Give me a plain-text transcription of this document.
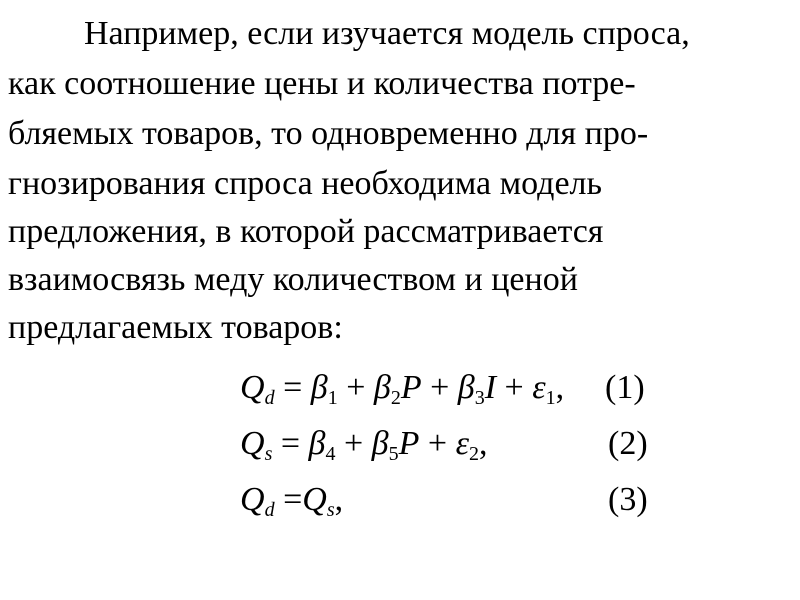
Например, если изучается модель спроса,
как соотношение цены и количества потре-
бляемых товаров, то одновременно для про-
гнозирования спроса необходима модель
предложения, в которой рассматривается
взаимосвязь меду количеством и ценой
предлагаемых товаров:
$Q_d = \beta_1 + \beta_2P + \beta_3I + \varepsilon_1$, (1)
$Q_s = \beta_4 + \beta_5P + \varepsilon_2$,	(2)
$Q_d =Q_s$,	(3)
